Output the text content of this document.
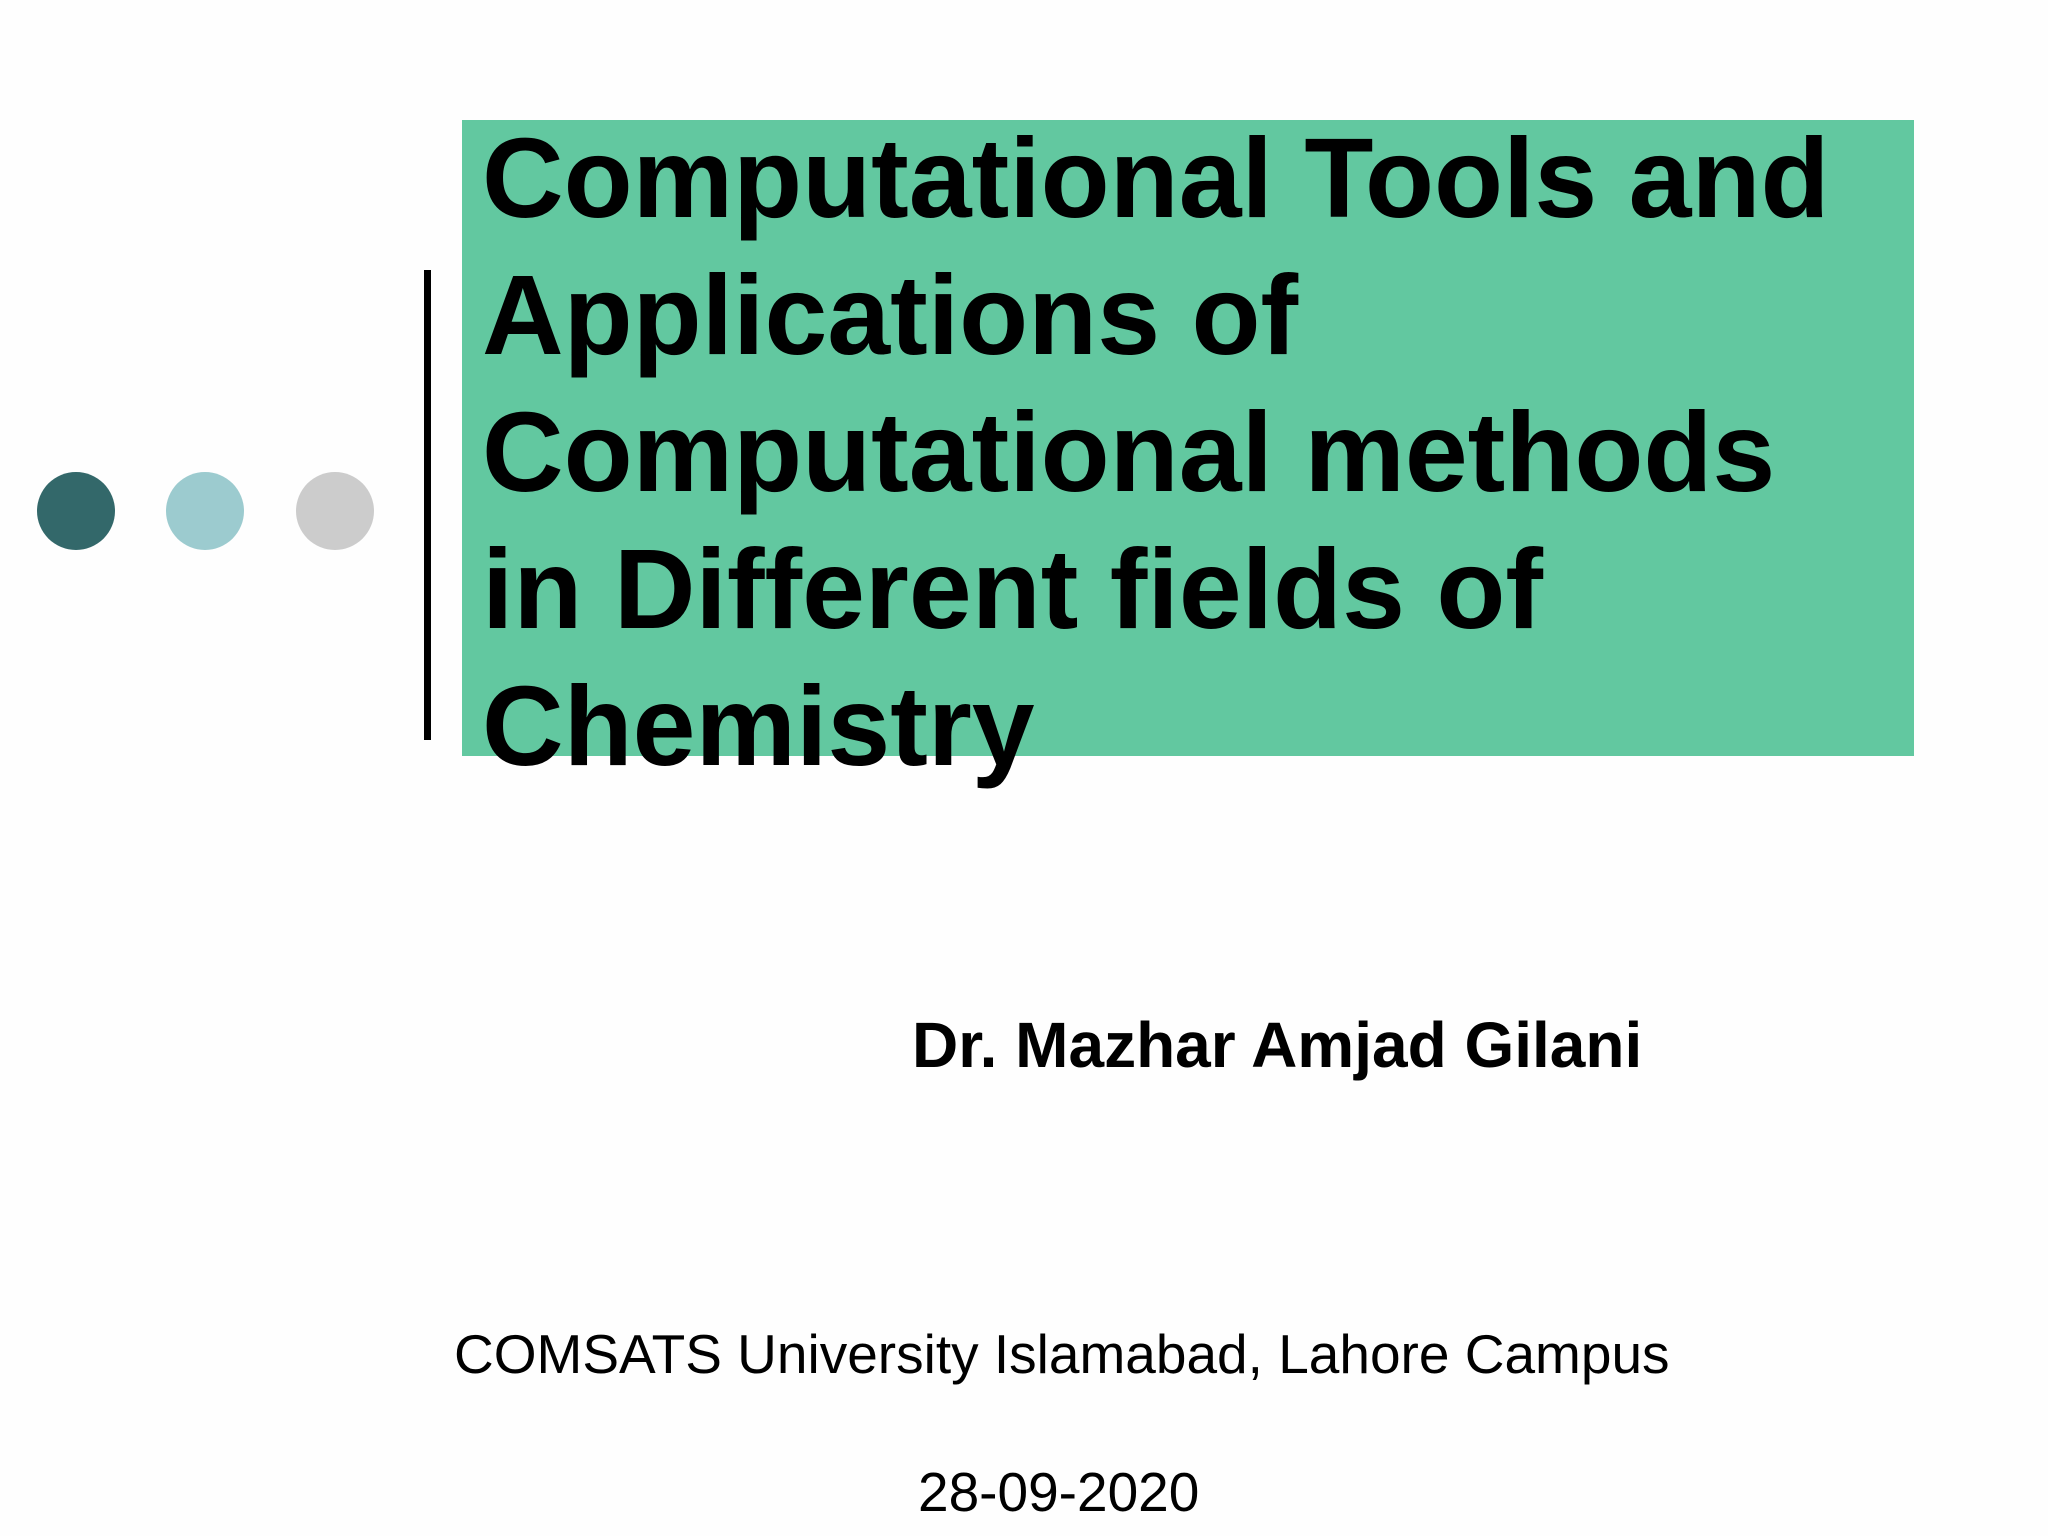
Computational Tools and Applications of Computational methods in Different fields of Chemistry

Dr. Mazhar Amjad Gilani

COMSATS University Islamabad, Lahore Campus

28-09-2020
